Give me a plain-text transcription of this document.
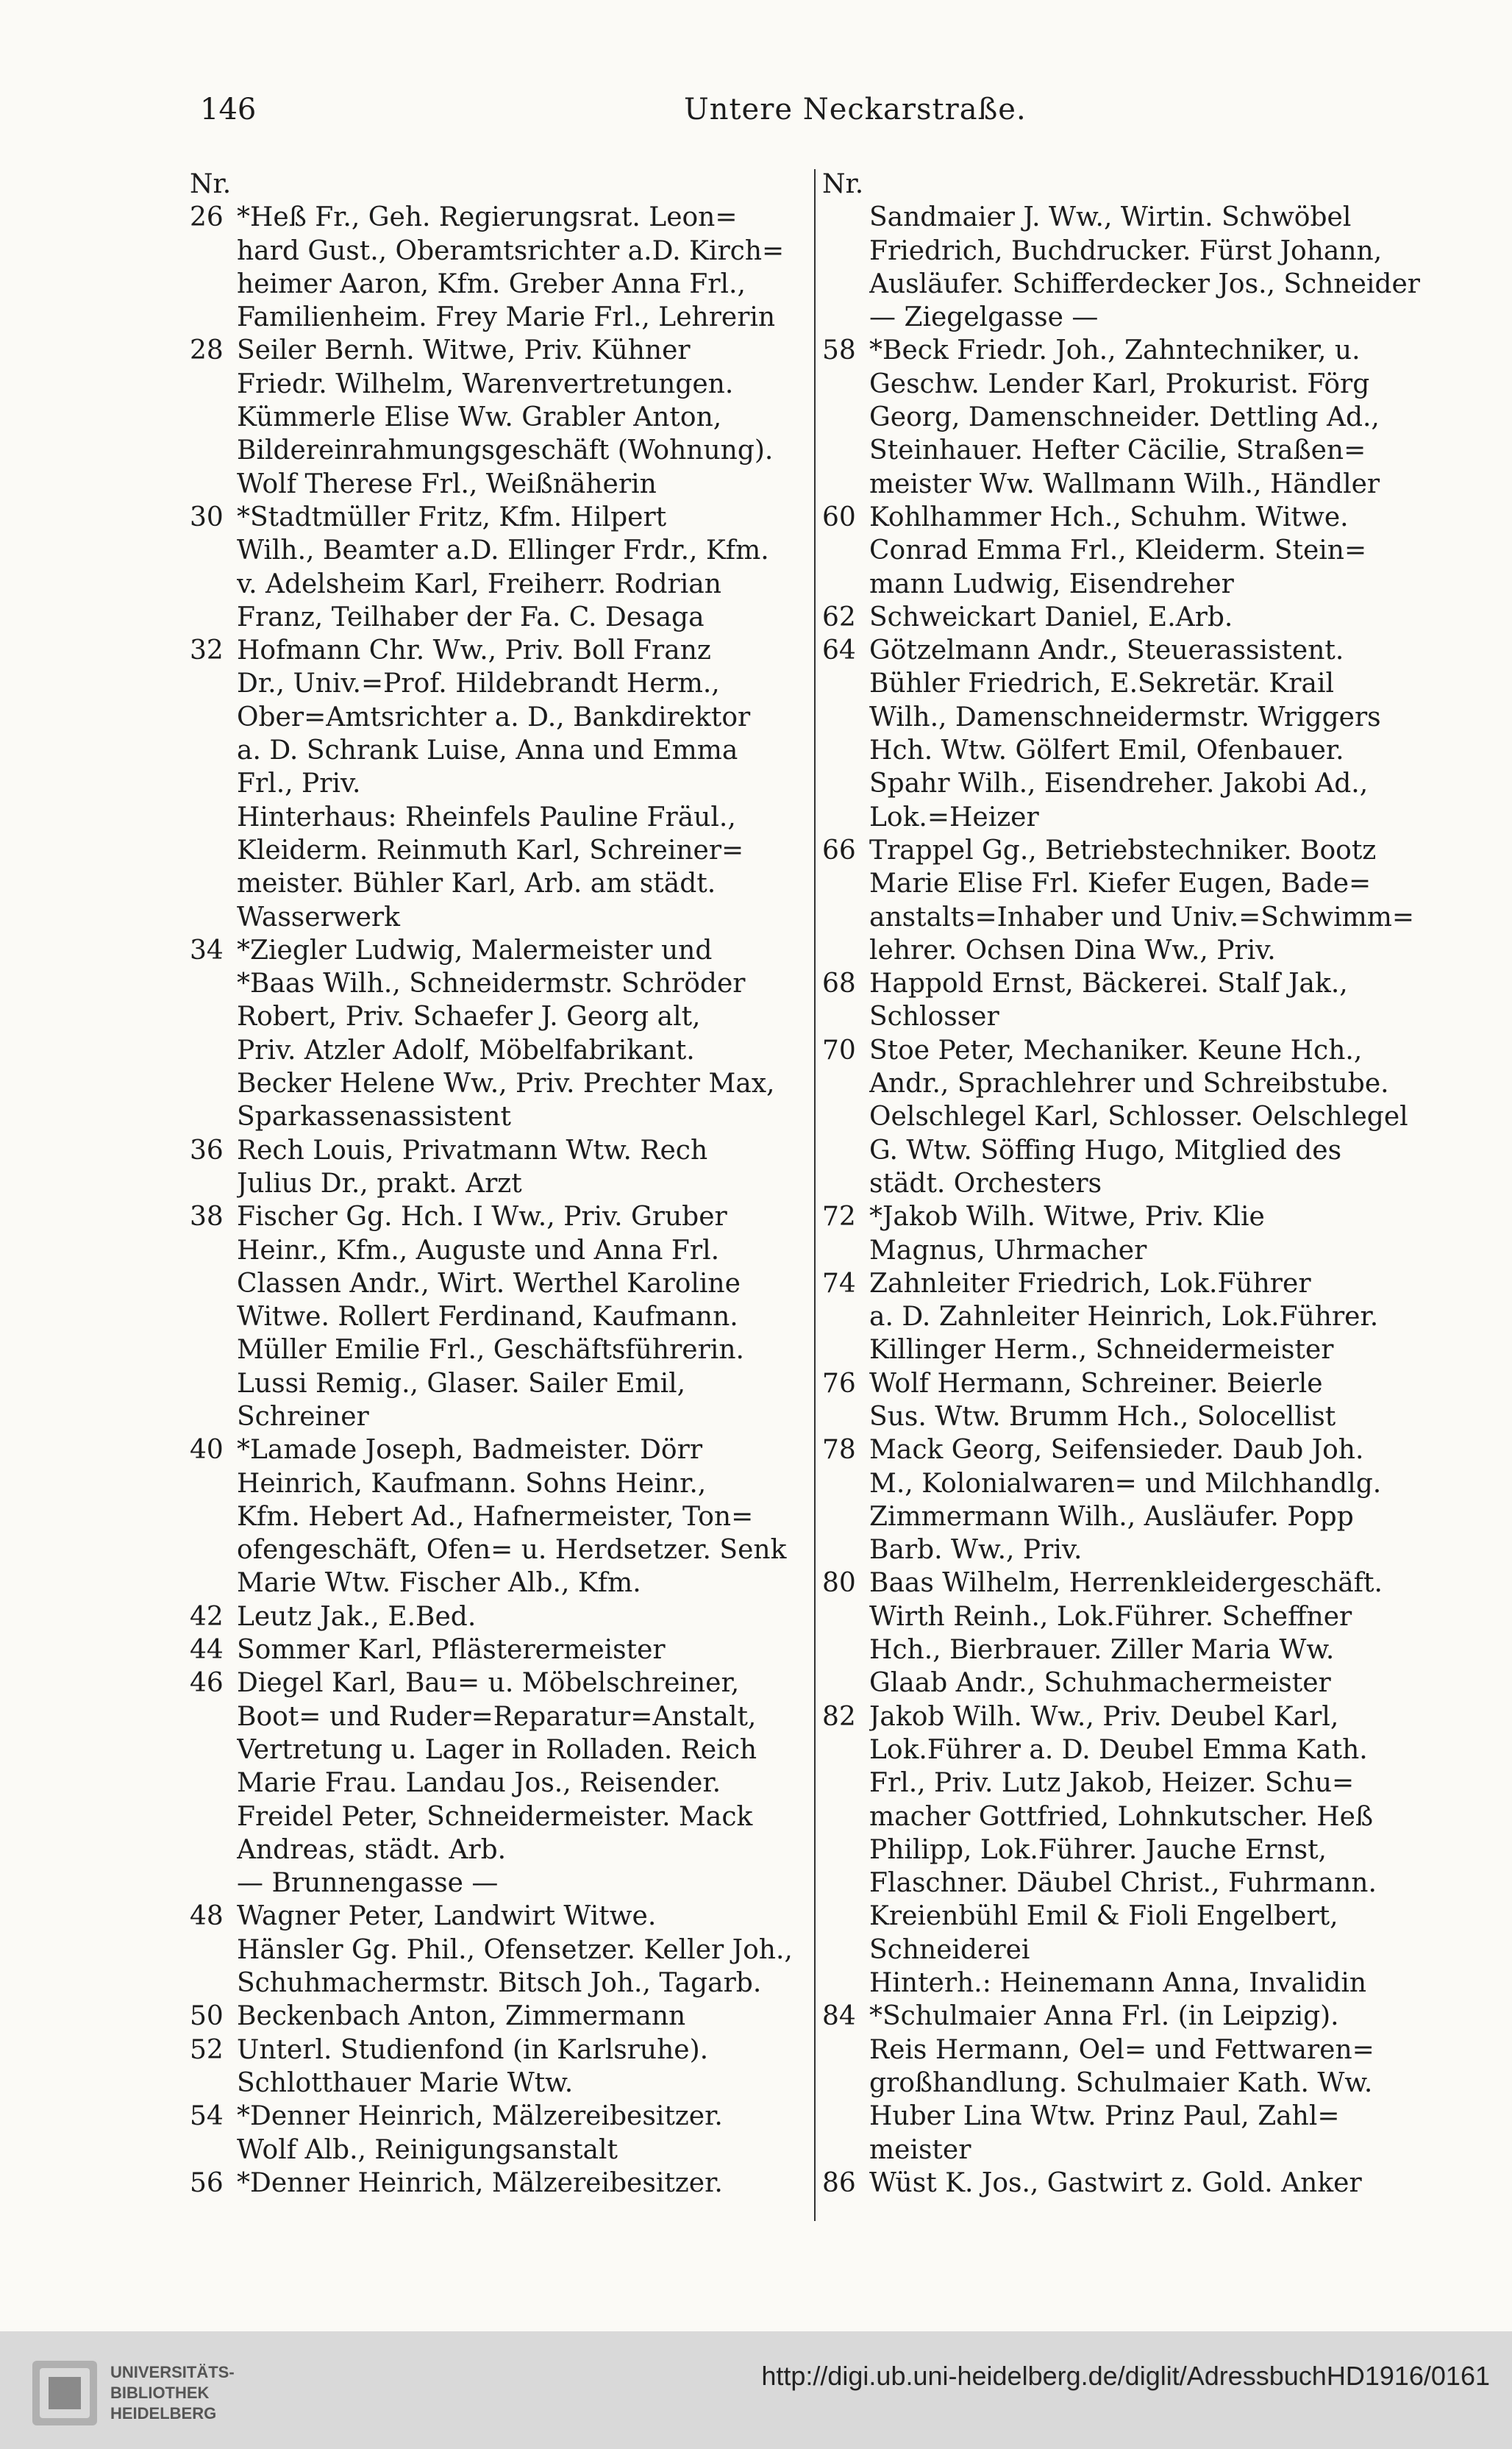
146	Untere Neckarstraße.
Nr.
26 *Heß Fr., Geh. Regierungsrat. Leon=
hard Gust., Oberamtsrichter a.D. Kirch=
heimer Aaron, Kfm. Greber Anna Frl.,
Familienheim. Frey Marie Frl., Lehrerin
28 Seiler Bernh. Witwe, Priv. Kühner
Friedr. Wilhelm, Warenvertretungen.
Kümmerle Elise Ww. Grabler Anton,
Bildereinrahmungsgeschäft (Wohnung).
Wolf Therese Frl., Weißnäherin
30 *Stadtmüller Fritz, Kfm. Hilpert
Wilh., Beamter a.D. Ellinger Frdr., Kfm.
v. Adelsheim Karl, Freiherr. Rodrian
Franz, Teilhaber der Fa. C. Desaga
32 Hofmann Chr. Ww., Priv. Boll Franz
Dr., Univ.=Prof. Hildebrandt Herm.,
Ober=Amtsrichter a. D., Bankdirektor
a. D. Schrank Luise, Anna und Emma
Frl., Priv.
Hinterhaus: Rheinfels Pauline Fräul.,
Kleiderm. Reinmuth Karl, Schreiner=
meister. Bühler Karl, Arb. am städt.
Wasserwerk
34 *Ziegler Ludwig, Malermeister und
*Baas Wilh., Schneidermstr. Schröder
Robert, Priv. Schaefer J. Georg alt,
Priv. Atzler Adolf, Möbelfabrikant.
Becker Helene Ww., Priv. Prechter Max,
Sparkassenassistent
36 Rech Louis, Privatmann Wtw. Rech
Julius Dr., prakt. Arzt
38 Fischer Gg. Hch. I Ww., Priv. Gruber
Heinr., Kfm., Auguste und Anna Frl.
Classen Andr., Wirt. Werthel Karoline
Witwe. Rollert Ferdinand, Kaufmann.
Müller Emilie Frl., Geschäftsführerin.
Lussi Remig., Glaser. Sailer Emil,
Schreiner
40 *Lamade Joseph, Badmeister. Dörr
Heinrich, Kaufmann. Sohns Heinr.,
Kfm. Hebert Ad., Hafnermeister, Ton=
ofengeschäft, Ofen= u. Herdsetzer. Senk
Marie Wtw. Fischer Alb., Kfm.
42 Leutz Jak., E.Bed.
44 Sommer Karl, Pflästerermeister
46 Diegel Karl, Bau= u. Möbelschreiner,
Boot= und Ruder=Reparatur=Anstalt,
Vertretung u. Lager in Rolladen. Reich
Marie Frau. Landau Jos., Reisender.
Freidel Peter, Schneidermeister. Mack
Andreas, städt. Arb.
— Brunnengasse —
48 Wagner Peter, Landwirt Witwe.
Hänsler Gg. Phil., Ofensetzer. Keller Joh.,
Schuhmachermstr. Bitsch Joh., Tagarb.
50 Beckenbach Anton, Zimmermann
52 Unterl. Studienfond (in Karlsruhe).
Schlotthauer Marie Wtw.
54 *Denner Heinrich, Mälzereibesitzer.
Wolf Alb., Reinigungsanstalt
56 *Denner Heinrich, Mälzereibesitzer.
Nr.
Sandmaier J. Ww., Wirtin. Schwöbel
Friedrich, Buchdrucker. Fürst Johann,
Ausläufer. Schifferdecker Jos., Schneider
— Ziegelgasse —
58 *Beck Friedr. Joh., Zahntechniker, u.
Geschw. Lender Karl, Prokurist. Förg
Georg, Damenschneider. Dettling Ad.,
Steinhauer. Hefter Cäcilie, Straßen=
meister Ww. Wallmann Wilh., Händler
60 Kohlhammer Hch., Schuhm. Witwe.
Conrad Emma Frl., Kleiderm. Stein=
mann Ludwig, Eisendreher
62 Schweickart Daniel, E.Arb.
64 Götzelmann Andr., Steuerassistent.
Bühler Friedrich, E.Sekretär. Krail
Wilh., Damenschneidermstr. Wriggers
Hch. Wtw. Gölfert Emil, Ofenbauer.
Spahr Wilh., Eisendreher. Jakobi Ad.,
Lok.=Heizer
66 Trappel Gg., Betriebstechniker. Bootz
Marie Elise Frl. Kiefer Eugen, Bade=
anstalts=Inhaber und Univ.=Schwimm=
lehrer. Ochsen Dina Ww., Priv.
68 Happold Ernst, Bäckerei. Stalf Jak.,
Schlosser
70 Stoe Peter, Mechaniker. Keune Hch.,
Andr., Sprachlehrer und Schreibstube.
Oelschlegel Karl, Schlosser. Oelschlegel
G. Wtw. Söffing Hugo, Mitglied des
städt. Orchesters
72 *Jakob Wilh. Witwe, Priv. Klie
Magnus, Uhrmacher
74 Zahnleiter Friedrich, Lok.Führer
a. D. Zahnleiter Heinrich, Lok.Führer.
Killinger Herm., Schneidermeister
76 Wolf Hermann, Schreiner. Beierle
Sus. Wtw. Brumm Hch., Solocellist
78 Mack Georg, Seifensieder. Daub Joh.
M., Kolonialwaren= und Milchhandlg.
Zimmermann Wilh., Ausläufer. Popp
Barb. Ww., Priv.
80 Baas Wilhelm, Herrenkleidergeschäft.
Wirth Reinh., Lok.Führer. Scheffner
Hch., Bierbrauer. Ziller Maria Ww.
Glaab Andr., Schuhmachermeister
82 Jakob Wilh. Ww., Priv. Deubel Karl,
Lok.Führer a. D. Deubel Emma Kath.
Frl., Priv. Lutz Jakob, Heizer. Schu=
macher Gottfried, Lohnkutscher. Heß
Philipp, Lok.Führer. Jauche Ernst,
Flaschner. Däubel Christ., Fuhrmann.
Kreienbühl Emil & Fioli Engelbert,
Schneiderei
Hinterh.: Heinemann Anna, Invalidin
84 *Schulmaier Anna Frl. (in Leipzig).
Reis Hermann, Oel= und Fettwaren=
großhandlung. Schulmaier Kath. Ww.
Huber Lina Wtw. Prinz Paul, Zahl=
meister
86 Wüst K. Jos., Gastwirt z. Gold. Anker
UNIVERSITÄTS-
BIBLIOTHEK
HEIDELBERG
http://digi.ub.uni-heidelberg.de/diglit/AdressbuchHD1916/0161
